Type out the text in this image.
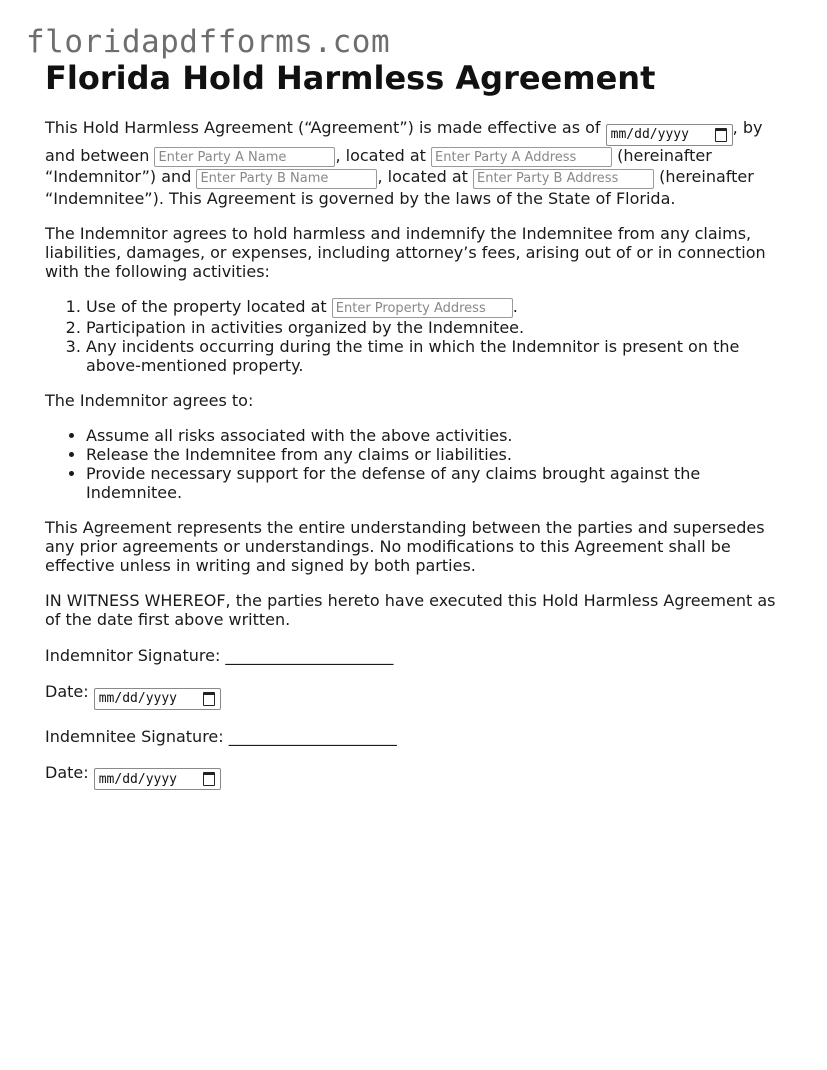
floridapdfforms.com
Florida Hold Harmless Agreement

This Hold Harmless Agreement (“Agreement”) is made effective as of mm/dd/yyyy	, by and between Enter Party A Name	, located at Enter Party A Address	(hereinafter “Indemnitor”) and Enter Party B Name	, located at Enter Party B Address	(hereinafter “Indemnitee”). This Agreement is governed by the laws of the State of Florida.

The Indemnitor agrees to hold harmless and indemnify the Indemnitee from any claims, liabilities, damages, or expenses, including attorney’s fees, arising out of or in connection with the following activities:

1. Use of the property located at Enter Property Address	.
2. Participation in activities organized by the Indemnitee.
3. Any incidents occurring during the time in which the Indemnitor is present on the above-mentioned property.

The Indemnitor agrees to:

• Assume all risks associated with the above activities.
• Release the Indemnitee from any claims or liabilities.
• Provide necessary support for the defense of any claims brought against the Indemnitee.

This Agreement represents the entire understanding between the parties and supersedes any prior agreements or understandings. No modifications to this Agreement shall be effective unless in writing and signed by both parties.

IN WITNESS WHEREOF, the parties hereto have executed this Hold Harmless Agreement as of the date first above written.

Indemnitor Signature: _____________________

Date: mm/dd/yyyy

Indemnitee Signature: _____________________

Date: mm/dd/yyyy
